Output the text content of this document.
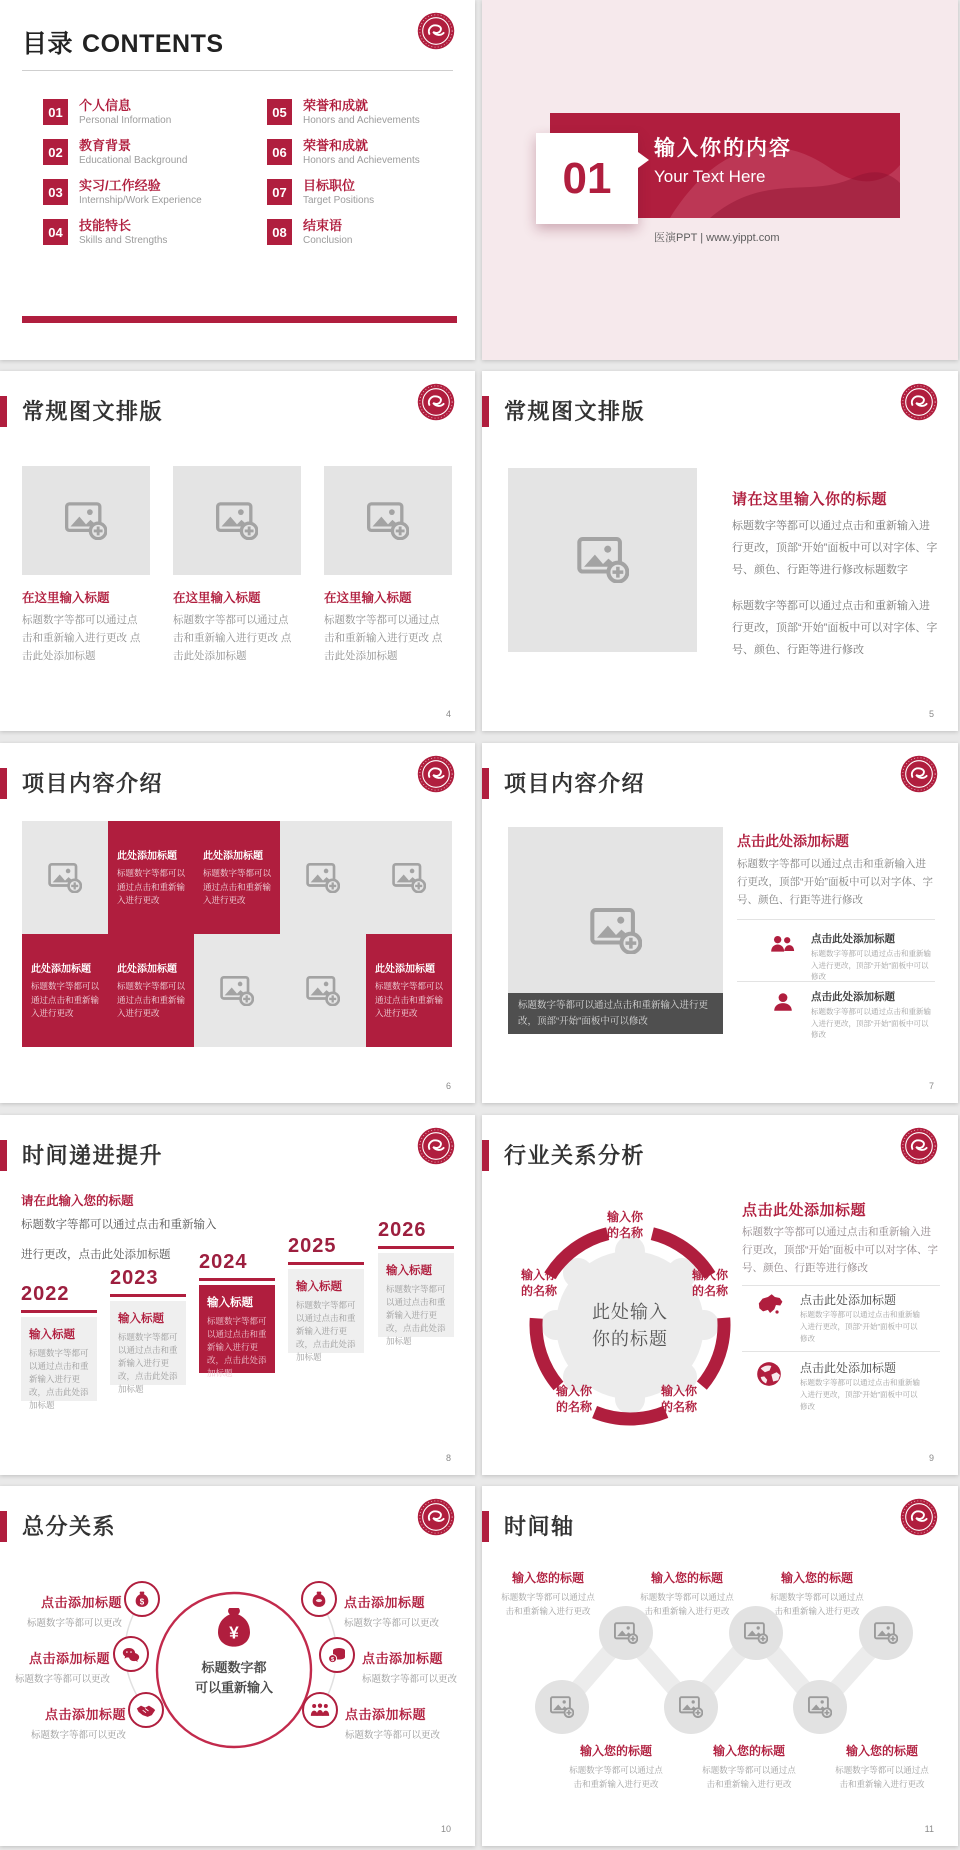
目录 CONTENTS
01	个人信息
Personal Information
02	教育背景
Educational Background
03	实习/工作经验
Internship/Work Experience
04	技能特长
Skills and Strengths
05	荣誉和成就
Honors and Achievements
06	荣誉和成就
Honors and Achievements
07	目标职位
Target Positions
08	结束语
Conclusion
输入你的内容
Your Text Here
01
医演PPT | www.yippt.com
常规图文排版
在这里输入标题
标题数字等都可以通过点击和重新输入进行更改 点击此处添加标题
在这里输入标题
标题数字等都可以通过点击和重新输入进行更改 点击此处添加标题
在这里输入标题
标题数字等都可以通过点击和重新输入进行更改 点击此处添加标题
4
常规图文排版
请在这里输入你的标题
标题数字等都可以通过点击和重新输入进行更改，顶部“开始”面板中可以对字体、字号、颜色、行距等进行修改标题数字
标题数字等都可以通过点击和重新输入进行更改，顶部“开始”面板中可以对字体、字号、颜色、行距等进行修改
5
项目内容介绍
此处添加标题
标题数字等都可以通过点击和重新输入进行更改
此处添加标题
标题数字等都可以通过点击和重新输入进行更改
此处添加标题
标题数字等都可以通过点击和重新输入进行更改
此处添加标题
标题数字等都可以通过点击和重新输入进行更改
此处添加标题
标题数字等都可以通过点击和重新输入进行更改
6
项目内容介绍
标题数字等都可以通过点击和重新输入进行更改，顶部“开始”面板中可以修改
点击此处添加标题
标题数字等都可以通过点击和重新输入进行更改，顶部“开始”面板中可以对字体、字号、颜色、行距等进行修改
点击此处添加标题
标题数字等都可以通过点击和重新输入进行更改，顶部“开始”面板中可以修改
点击此处添加标题
标题数字等都可以通过点击和重新输入进行更改，顶部“开始”面板中可以修改
7
时间递进提升
请在此输入您的标题
标题数字等都可以通过点击和重新输入进行更改，点击此处添加标题
2022
输入标题
标题数字等都可以通过点击和重新输入进行更改，点击此处添加标题
2023
输入标题
标题数字等都可以通过点击和重新输入进行更改，点击此处添加标题
2024
输入标题
标题数字等都可以通过点击和重新输入进行更改，点击此处添加标题
2025
输入标题
标题数字等都可以通过点击和重新输入进行更改，点击此处添加标题
2026
输入标题
标题数字等都可以通过点击和重新输入进行更改，点击此处添加标题
8
行业关系分析
输入你
的名称
输入你
的名称
输入你
的名称
输入你
的名称
输入你
的名称
此处输入
你的标题
点击此处添加标题
标题数字等都可以通过点击和重新输入进行更改，顶部“开始”面板中可以对字体、字号、颜色、行距等进行修改
点击此处添加标题
标题数字等都可以通过点击和重新输入进行更改，顶部“开始”面板中可以修改
点击此处添加标题
标题数字等都可以通过点击和重新输入进行更改，顶部“开始”面板中可以修改
9
总分关系
¥
标题数字都
可以重新输入
$
$
点击添加标题
标题数字等都可以更改
点击添加标题
标题数字等都可以更改
点击添加标题
标题数字等都可以更改
点击添加标题
标题数字等都可以更改
点击添加标题
标题数字等都可以更改
点击添加标题
标题数字等都可以更改
10
时间轴
输入您的标题
标题数字等都可以通过点击和重新输入进行更改
输入您的标题
标题数字等都可以通过点击和重新输入进行更改
输入您的标题
标题数字等都可以通过点击和重新输入进行更改
输入您的标题
标题数字等都可以通过点击和重新输入进行更改
输入您的标题
标题数字等都可以通过点击和重新输入进行更改
输入您的标题
标题数字等都可以通过点击和重新输入进行更改
11
